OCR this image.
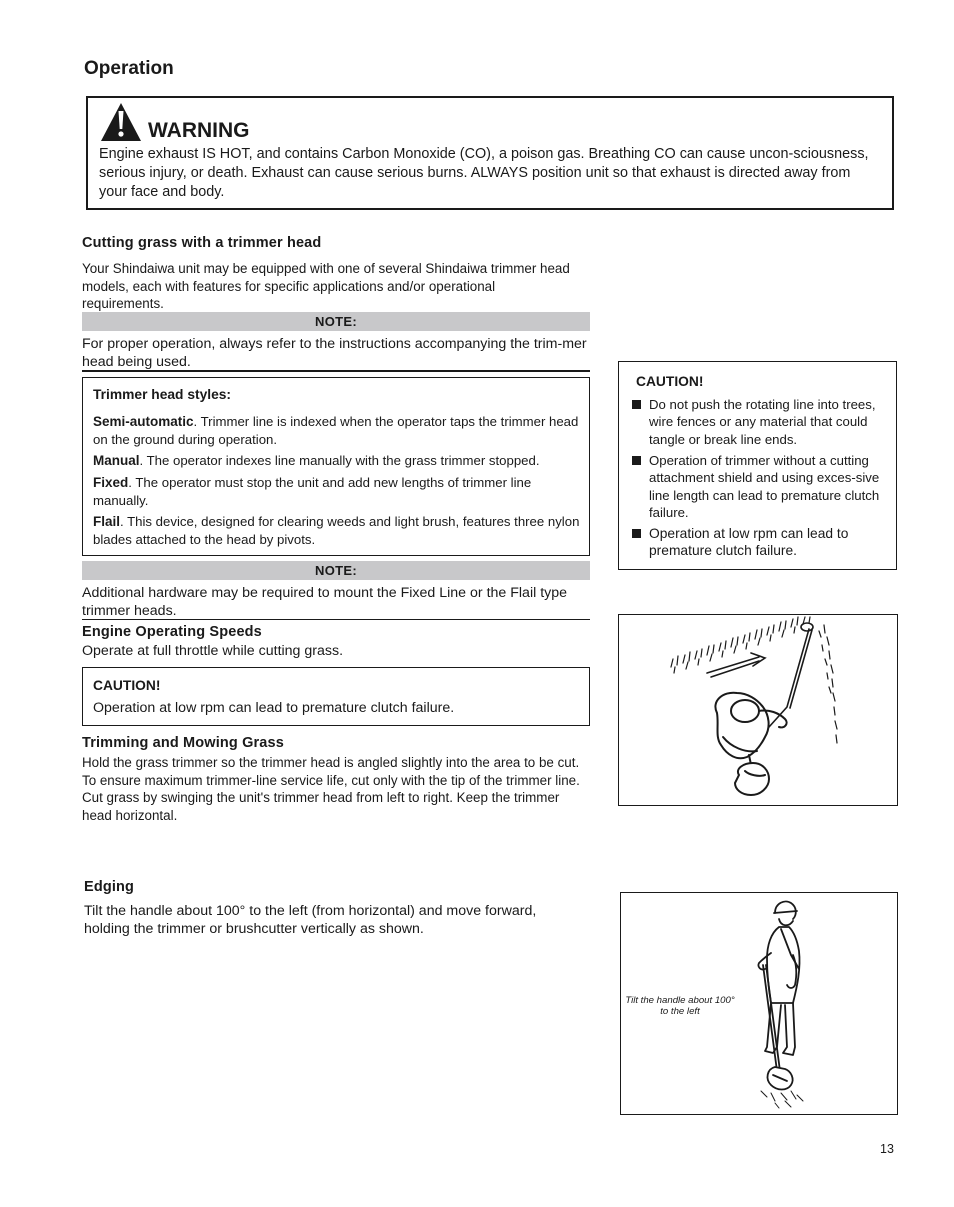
Operation
WARNING
Engine exhaust IS HOT, and contains Carbon Monoxide (CO), a poison gas. Breathing CO can cause uncon-sciousness, serious injury, or death. Exhaust can cause serious burns. ALWAYS position unit so that exhaust is directed away from your face and body.
Cutting grass with a trimmer head
Your Shindaiwa unit may be equipped with one of several Shindaiwa trimmer head models, each with features for specific applications and/or operational requirements.
NOTE:
For proper operation, always refer to the instructions accompanying the trim-mer head being used.
Trimmer head styles:
Semi-automatic. Trimmer line is indexed when the operator taps the trimmer head on the ground during operation.
Manual. The operator indexes line manually with the grass trimmer stopped.
Fixed. The operator must stop the unit and add new lengths of trimmer line manually.
Flail. This device, designed for clearing weeds and light brush, features three nylon blades attached to the head by pivots.
NOTE:
Additional hardware may be required to mount the Fixed Line or the Flail type trimmer heads.
Engine Operating Speeds
Operate at full throttle while cutting grass.
CAUTION!
Operation at low rpm can lead to premature clutch failure.
Trimming and Mowing Grass
Hold the grass trimmer so the trimmer head is angled slightly into the area to be cut. To ensure maximum trimmer-line service life, cut only with the tip of the trimmer line. Cut grass by swinging the unit's trimmer head from left to right. Keep the trimmer head horizontal.
CAUTION!
Do not push the rotating line into trees, wire fences or any material that could tangle or break line ends.
Operation of trimmer without a cutting attachment shield and using exces-sive line length can lead to premature clutch failure.
Operation at low rpm can lead to premature clutch failure.
Edging
Tilt the handle about 100° to the left (from horizontal) and move forward, holding the trimmer or brushcutter vertically as shown.
Tilt the handle about 100° to the left
13
